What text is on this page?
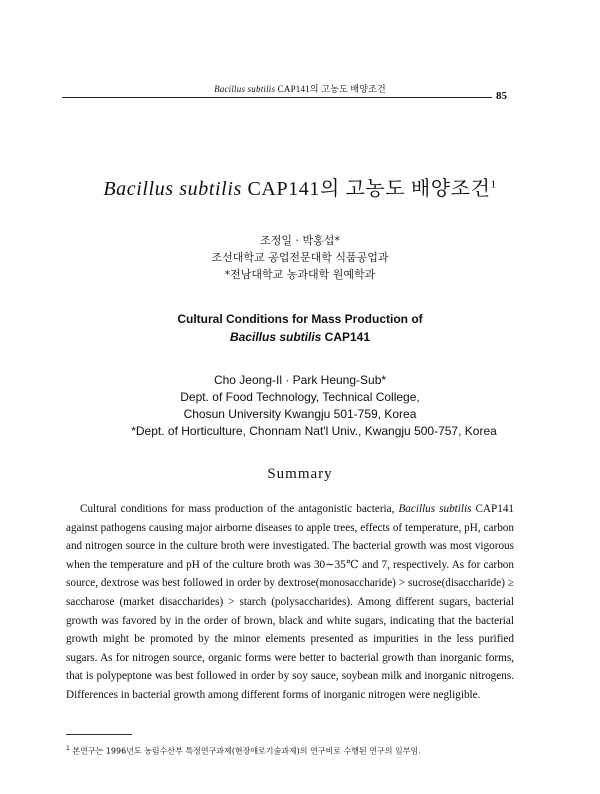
Bacillus subtilis CAP141의 고농도 배양조건
85
Bacillus subtilis CAP141의 고농도 배양조건$^1$
조정일 · 박홍섭*
조선대학교 공업전문대학 식품공업과
*전남대학교 농과대학 원예학과
Cultural Conditions for Mass Production of
Bacillus subtilis CAP141
Cho Jeong-Il · Park Heung-Sub*
Dept. of Food Technology, Technical College,
Chosun University Kwangju 501-759, Korea
*Dept. of Horticulture, Chonnam Nat'l Univ., Kwangju 500-757, Korea
Summary
Cultural conditions for mass production of the antagonistic bacteria, Bacillus subtilis CAP141 against pathogens causing major airborne diseases to apple trees, effects of temperature, pH, carbon and nitrogen source in the culture broth were investigated. The bacterial growth was most vigorous when the temperature and pH of the culture broth was 30∼35℃ and 7, respectively. As for carbon source, dextrose was best followed in order by dextrose(monosaccharide) > sucrose(disaccharide) ≥ saccharose (market disaccharides) > starch (polysaccharides). Among different sugars, bacterial growth was favored by in the order of brown, black and white sugars, indicating that the bacterial growth might be promoted by the minor elements presented as impurities in the less purified sugars. As for nitrogen source, organic forms were better to bacterial growth than inorganic forms, that is polypeptone was best followed in order by soy sauce, soybean milk and inorganic nitrogens. Differences in bacterial growth among different forms of inorganic nitrogen were negligible.
$^1$ 본연구는 1996년도 농림수산부 특정연구과제(현장애로기술과제)의 연구비로 수행된 연구의 일부임.
